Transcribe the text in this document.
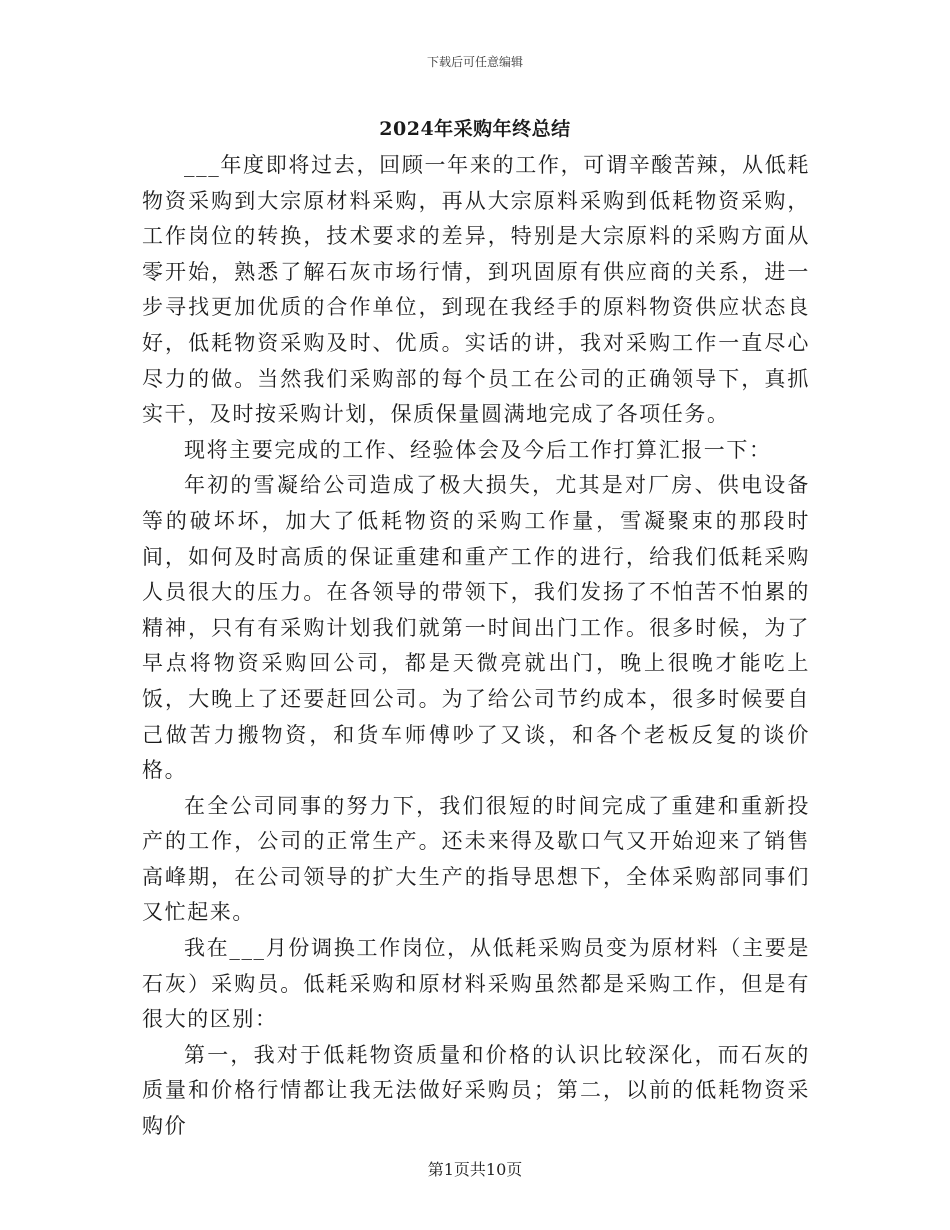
下载后可任意编辑
2024年采购年终总结

___年度即将过去，回顾一年来的工作，可谓辛酸苦辣，从低耗物资采购到大宗原材料采购，再从大宗原料采购到低耗物资采购，工作岗位的转换，技术要求的差异，特别是大宗原料的采购方面从零开始，熟悉了解石灰市场行情，到巩固原有供应商的关系，进一步寻找更加优质的合作单位，到现在我经手的原料物资供应状态良好，低耗物资采购及时、优质。实话的讲，我对采购工作一直尽心尽力的做。当然我们采购部的每个员工在公司的正确领导下，真抓实干，及时按采购计划，保质保量圆满地完成了各项任务。

现将主要完成的工作、经验体会及今后工作打算汇报一下：

年初的雪凝给公司造成了极大损失，尤其是对厂房、供电设备等的破坏坏，加大了低耗物资的采购工作量，雪凝聚束的那段时间，如何及时高质的保证重建和重产工作的进行，给我们低耗采购人员很大的压力。在各领导的带领下，我们发扬了不怕苦不怕累的精神，只有有采购计划我们就第一时间出门工作。很多时候，为了早点将物资采购回公司，都是天微亮就出门，晚上很晚才能吃上饭，大晚上了还要赶回公司。为了给公司节约成本，很多时候要自己做苦力搬物资，和货车师傅吵了又谈，和各个老板反复的谈价格。

在全公司同事的努力下，我们很短的时间完成了重建和重新投产的工作，公司的正常生产。还未来得及歇口气又开始迎来了销售高峰期，在公司领导的扩大生产的指导思想下，全体采购部同事们又忙起来。

我在___月份调换工作岗位，从低耗采购员变为原材料（主要是石灰）采购员。低耗采购和原材料采购虽然都是采购工作，但是有很大的区别：

第一，我对于低耗物资质量和价格的认识比较深化，而石灰的质量和价格行情都让我无法做好采购员；第二，以前的低耗物资采购价

第1页共10页
